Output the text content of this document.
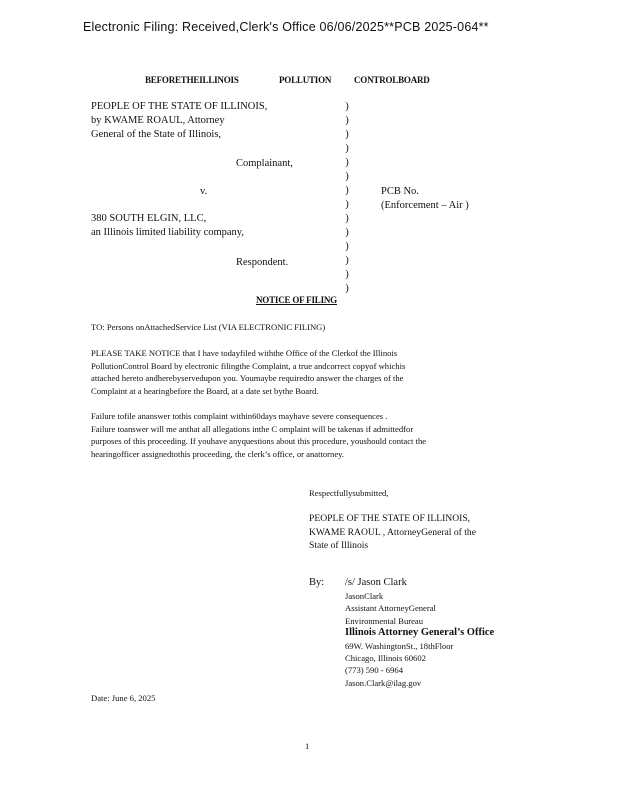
Electronic Filing: Received,Clerk's Office 06/06/2025**PCB 2025-064**
BEFORETHEILLINOIS	POLLUTION	CONTROLBOARD
PEOPLE OF THE STATE OF ILLINOIS,
by KWAME ROAUL, Attorney
General of the State of Illinois,
Complainant,
v.
380 SOUTH ELGIN, LLC,
an Illinois limited liability company,
Respondent.
)
)
)
)
)
)
)
)
)
)
)
)
)
)
PCB No.
(Enforcement – Air )
NOTICE OF FILING
TO: Persons onAttachedService List (VIA ELECTRONIC FILING)

PLEASE TAKE NOTICE that I have todayfiled withthe Office of the Clerkof the Illinois

PollutionControl Board by electronic filingthe Complaint, a true andcorrect copyof whichis

attached hereto andherebyservedupon you. Youmaybe requiredto answer the charges of the

Complaint at a hearingbefore the Board, at a date set bythe Board.

Failure tofile ananswer tothis complaint within60days mayhave severe consequences .

Failure toanswer will me anthat all allegations inthe C omplaint will be takenas if admittedfor

purposes of this proceeding. If youhave anyquestions about this procedure, youshould contact the

hearingofficer assignedtothis proceeding, the clerk’s office, or anattorney.

Respectfullysubmitted,
PEOPLE OF THE STATE OF ILLINOIS,
KWAME RAOUL , AttorneyGeneral of the
State of Illinois
By: /s/ Jason Clark
JasonClark
Assistant AttorneyGeneral
Environmental Bureau
Illinois Attorney General’s Office
69W. WashingtonSt., 18thFloor
Chicago, Illinois 60602
(773) 590 - 6964
Jason.Clark@ilag.gov
Date: June 6, 2025
1
